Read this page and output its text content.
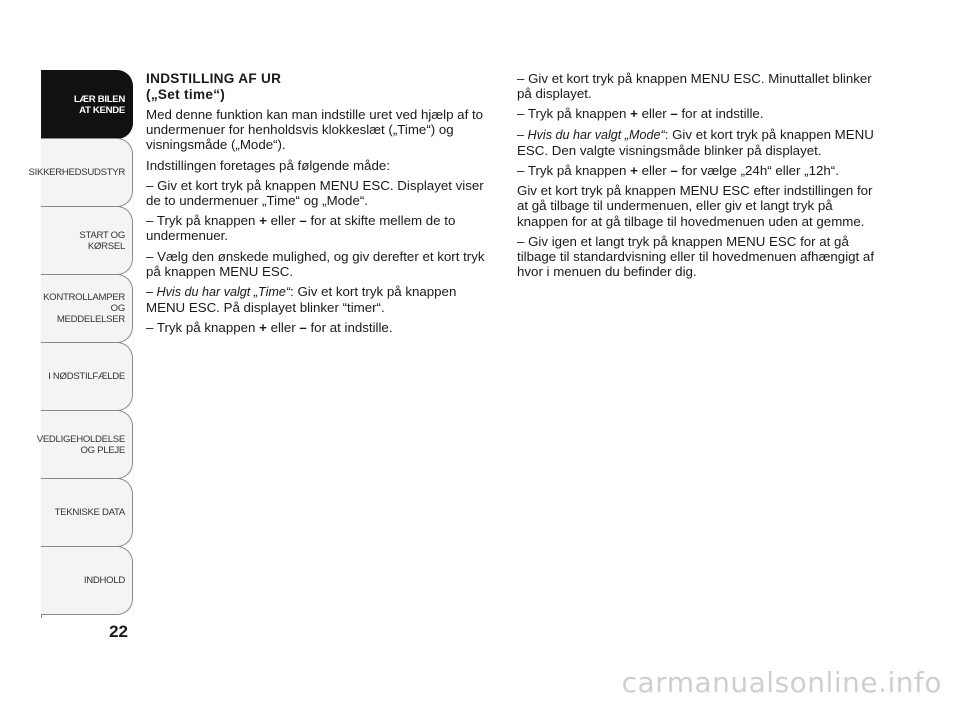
LÆR BILEN
AT KENDE
SIKKERHEDSUDSTYR
START OG KØRSEL
KONTROLLAMPER
OG MEDDELELSER
I NØDSTILFÆLDE
VEDLIGEHOLDELSE
OG PLEJE
TEKNISKE DATA
INDHOLD
22
INDSTILLING AF UR
(„Set time“)

Med denne funktion kan man indstille uret ved hjælp af to undermenuer for henholdsvis klokkeslæt („Time“) og visningsmåde („Mode“).

Indstillingen foretages på følgende måde:

– Giv et kort tryk på knappen MENU ESC. Displayet viser de to undermenuer „Time“ og „Mode“.

– Tryk på knappen + eller – for at skifte mellem de to undermenuer.

– Vælg den ønskede mulighed, og giv derefter et kort tryk på knappen MENU ESC.

– Hvis du har valgt „Time“: Giv et kort tryk på knappen MENU ESC. På displayet blinker “timer“.

– Tryk på knappen + eller – for at indstille.

– Giv et kort tryk på knappen MENU ESC. Minuttallet blinker på displayet.

– Tryk på knappen + eller – for at indstille.

– Hvis du har valgt „Mode“: Giv et kort tryk på knappen MENU ESC. Den valgte visningsmåde blinker på displayet.

– Tryk på knappen + eller – for vælge „24h“ eller „12h“.

Giv et kort tryk på knappen MENU ESC efter indstillingen for at gå tilbage til undermenuen, eller giv et langt tryk på knappen for at gå tilbage til hovedmenuen uden at gemme.

– Giv igen et langt tryk på knappen MENU ESC for at gå tilbage til standardvisning eller til hovedmenuen afhængigt af hvor i menuen du befinder dig.

carmanualsonline.info
